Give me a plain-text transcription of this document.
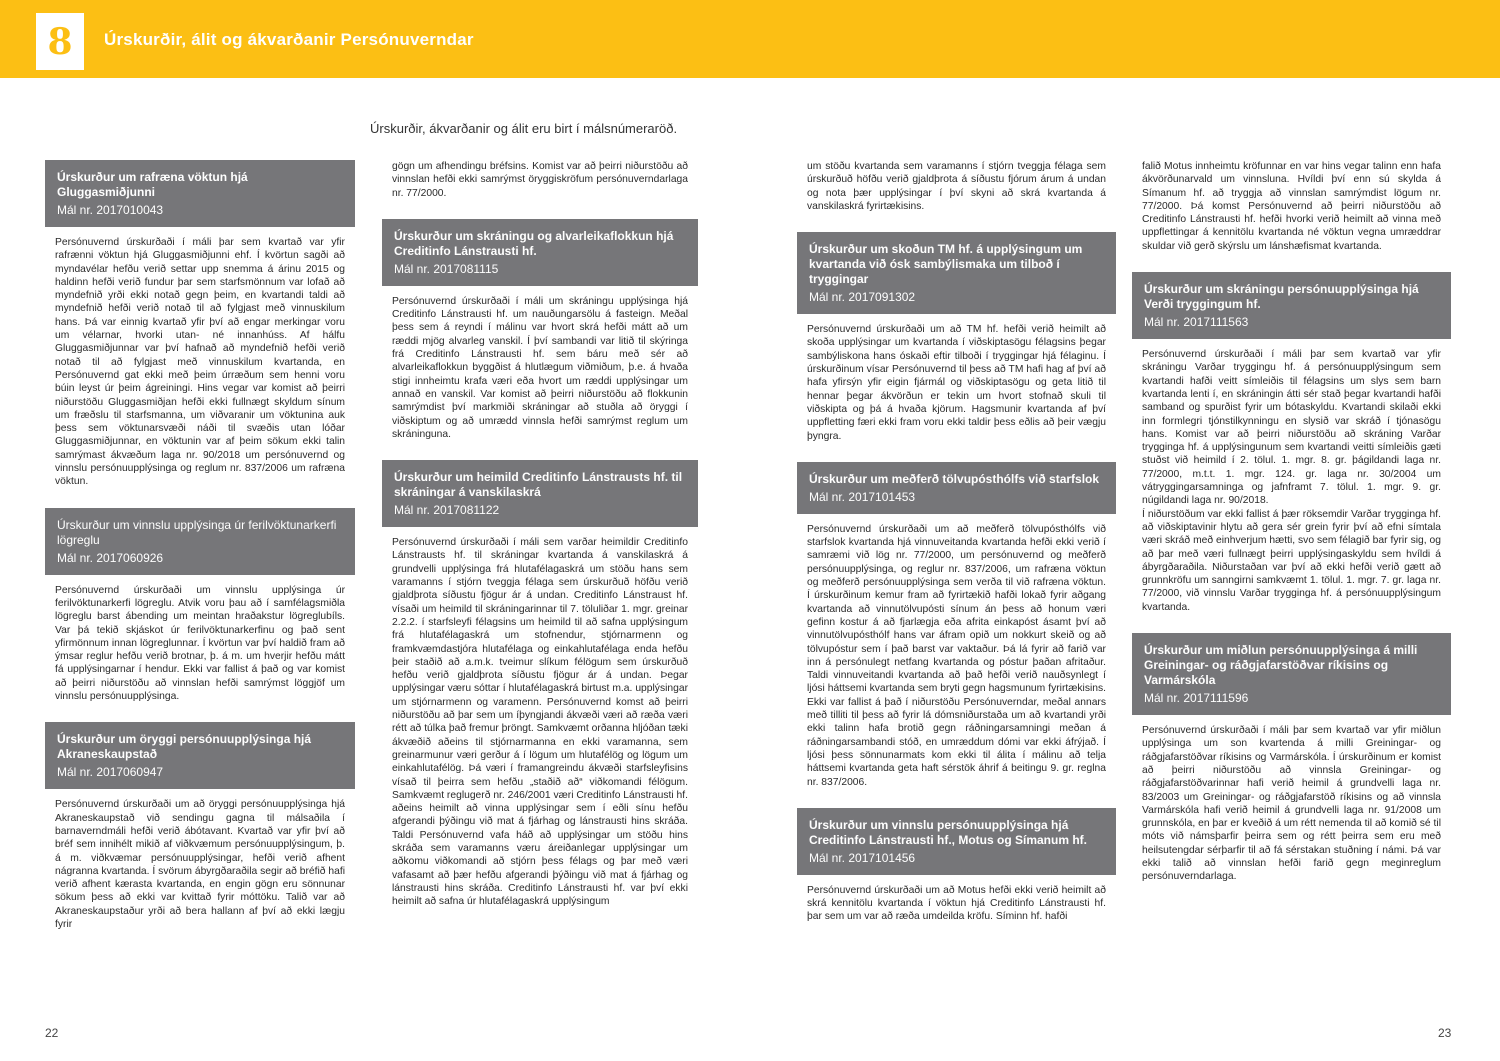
8 Úrskurðir, álit og ákvarðanir Persónuverndar
Úrskurðir, ákvarðanir og álit eru birt í málsnúmeraröð.
Úrskurður um rafræna vöktun hjá Gluggasmiðjunni
Mál nr. 2017010043

Persónuvernd úrskurðaði í máli þar sem kvartað var yfir rafrænni vöktun hjá Gluggasmiðjunni ehf. Í kvörtun sagði að myndavélar hefðu verið settar upp snemma á árinu 2015 og haldinn hefði verið fundur þar sem starfsmönnum var lofað að myndefnið yrði ekki notað gegn þeim, en kvartandi taldi að myndefnið hefði verið notað til að fylgjast með vinnuskilum hans. Þá var einnig kvartað yfir því að engar merkingar voru um vélarnar, hvorki utan- né innanhúss. Af hálfu Gluggasmiðjunnar var því hafnað að myndefnið hefði verið notað til að fylgjast með vinnuskilum kvartanda, en Persónuvernd gat ekki með þeim úrræðum sem henni voru búin leyst úr þeim ágreiningi. Hins vegar var komist að þeirri niðurstöðu Gluggasmiðjan hefði ekki fullnægt skyldum sínum um fræðslu til starfsmanna, um viðvaranir um vöktunina auk þess sem vöktunarsvæði náði til svæðis utan lóðar Gluggasmiðjunnar, en vöktunin var af þeim sökum ekki talin samrýmast ákvæðum laga nr. 90/2018 um persónuvernd og vinnslu persónuupplýsinga og reglum nr. 837/2006 um rafræna vöktun.

Úrskurður um vinnslu upplýsinga úr ferilvöktunarkerfi lögreglu
Mál nr. 2017060926

Persónuvernd úrskurðaði um vinnslu upplýsinga úr ferilvöktunarkerfi lögreglu. Atvik voru þau að í samfélagsmiðla lögreglu barst ábending um meintan hraðakstur lögreglubíls. Var þá tekið skjáskot úr ferilvöktunarkerfinu og það sent yfirmönnum innan lögreglunnar. Í kvörtun var því haldið fram að ýmsar reglur hefðu verið brotnar, þ. á m. um hverjir hefðu mátt fá upplýsingarnar í hendur. Ekki var fallist á það og var komist að þeirri niðurstöðu að vinnslan hefði samrýmst löggjöf um vinnslu persónuupplýsinga.

Úrskurður um öryggi persónuupplýsinga hjá Akraneskaupstað
Mál nr. 2017060947

Persónuvernd úrskurðaði um að öryggi persónuupplýsinga hjá Akraneskaupstað við sendingu gagna til málsaðila í barnaverndmáli hefði verið ábótavant. Kvartað var yfir því að bréf sem innihélt mikið af viðkvæmum persónuupplýsingum, þ. á m. viðkvæmar persónuupplýsingar, hefði verið afhent nágranna kvartanda. Í svörum ábyrgðaraðila segir að bréfið hafi verið afhent kærasta kvartanda, en engin gögn eru sönnunar sökum þess að ekki var kvittað fyrir móttöku. Talið var að Akraneskaupstaður yrði að bera hallann af því að ekki lægju fyrir

gögn um afhendingu bréfsins. Komist var að þeirri niðurstöðu að vinnslan hefði ekki samrýmst öryggiskröfum persónuverndarlaga nr. 77/2000.

Úrskurður um skráningu og alvarleikaflokkun hjá Creditinfo Lánstrausti hf.
Mál nr. 2017081115

Persónuvernd úrskurðaði í máli um skráningu upplýsinga hjá Creditinfo Lánstrausti hf. um nauðungarsölu á fasteign. Meðal þess sem á reyndi í málinu var hvort skrá hefði mátt að um ræddi mjög alvarleg vanskil. Í því sambandi var litið til skýringa frá Creditinfo Lánstrausti hf. sem báru með sér að alvarleikaflokkun byggðist á hlutlægum viðmiðum, þ.e. á hvaða stigi innheimtu krafa væri eða hvort um ræddi upplýsingar um annað en vanskil. Var komist að þeirri niðurstöðu að flokkunin samrýmdist því markmiði skráningar að stuðla að öryggi í viðskiptum og að umrædd vinnsla hefði samrýmst reglum um skráninguna.

Úrskurður um heimild Creditinfo Lánstrausts hf. til skráningar á vanskilaskrá
Mál nr. 2017081122

Persónuvernd úrskurðaði í máli sem varðar heimildir Creditinfo Lánstrausts hf. til skráningar kvartanda á vanskilaskrá á grundvelli upplýsinga frá hlutafélagaskrá um stöðu hans sem varamanns í stjórn tveggja félaga sem úrskurðuð höfðu verið gjaldþrota síðustu fjögur ár á undan. Creditinfo Lánstraust hf. vísaði um heimild til skráningarinnar til 7. töluliðar 1. mgr. greinar 2.2.2. í starfsleyfi félagsins um heimild til að safna upplýsingum frá hlutafélagaskrá um stofnendur, stjórnarmenn og framkvæmdastjóra hlutafélaga og einkahlutafélaga enda hefðu þeir staðið að a.m.k. tveimur slíkum félögum sem úrskurðuð hefðu verið gjaldþrota síðustu fjögur ár á undan. Þegar upplýsingar væru sóttar í hlutafélagaskrá birtust m.a. upplýsingar um stjórnarmenn og varamenn. Persónuvernd komst að þeirri niðurstöðu að þar sem um íþyngjandi ákvæði væri að ræða væri rétt að túlka það fremur þröngt. Samkvæmt orðanna hljóðan tæki ákvæðið aðeins til stjórnarmanna en ekki varamanna, sem greinarmunur væri gerður á í lögum um hlutafélög og lögum um einkahlutafélög. Þá væri í framangreindu ákvæði starfsleyfisins vísað til þeirra sem hefðu „staðið að“ viðkomandi félögum. Samkvæmt reglugerð nr. 246/2001 væri Creditinfo Lánstrausti hf. aðeins heimilt að vinna upplýsingar sem í eðli sínu hefðu afgerandi þýðingu við mat á fjárhag og lánstrausti hins skráða. Taldi Persónuvernd vafa háð að upplýsingar um stöðu hins skráða sem varamanns væru áreiðanlegar upplýsingar um aðkomu viðkomandi að stjórn þess félags og þar með væri vafasamt að þær hefðu afgerandi þýðingu við mat á fjárhag og lánstrausti hins skráða. Creditinfo Lánstrausti hf. var því ekki heimilt að safna úr hlutafélagaskrá upplýsingum

um stöðu kvartanda sem varamanns í stjórn tveggja félaga sem úrskurðuð höfðu verið gjaldþrota á síðustu fjórum árum á undan og nota þær upplýsingar í því skyni að skrá kvartanda á vanskilaskrá fyrirtækisins.

Úrskurður um skoðun TM hf. á upplýsingum um kvartanda við ósk sambýlismaka um tilboð í tryggingar
Mál nr. 2017091302

Persónuvernd úrskurðaði um að TM hf. hefði verið heimilt að skoða upplýsingar um kvartanda í viðskiptasögu félagsins þegar sambýliskona hans óskaði eftir tilboði í tryggingar hjá félaginu. Í úrskurðinum vísar Persónuvernd til þess að TM hafi hag af því að hafa yfirsýn yfir eigin fjármál og viðskiptasögu og geta litið til hennar þegar ákvörðun er tekin um hvort stofnað skuli til viðskipta og þá á hvaða kjörum. Hagsmunir kvartanda af því uppfletting færi ekki fram voru ekki taldir þess eðlis að þeir vægju þyngra.

Úrskurður um meðferð tölvupósthólfs við starfslok
Mál nr. 2017101453

Persónuvernd úrskurðaði um að meðferð tölvupósthólfs við starfslok kvartanda hjá vinnuveitanda kvartanda hefði ekki verið í samræmi við lög nr. 77/2000, um persónuvernd og meðferð persónuupplýsinga, og reglur nr. 837/2006, um rafræna vöktun og meðferð persónuupplýsinga sem verða til við rafræna vöktun. Í úrskurðinum kemur fram að fyrirtækið hafði lokað fyrir aðgang kvartanda að vinnutölvupósti sínum án þess að honum væri gefinn kostur á að fjarlægja eða afrita einkapóst ásamt því að vinnutölvupósthólf hans var áfram opið um nokkurt skeið og að tölvupóstur sem í það barst var vaktaður. Þá lá fyrir að farið var inn á persónulegt netfang kvartanda og póstur þaðan afritaður. Taldi vinnuveitandi kvartanda að það hefði verið nauðsynlegt í ljósi háttsemi kvartanda sem bryti gegn hagsmunum fyrirtækisins. Ekki var fallist á það í niðurstöðu Persónuverndar, meðal annars með tilliti til þess að fyrir lá dómsniðurstaða um að kvartandi yrði ekki talinn hafa brotið gegn ráðningarsamningi meðan á ráðningarsambandi stóð, en umræddum dómi var ekki áfrýjað. Í ljósi þess sönnunarmats kom ekki til álita í málinu að telja háttsemi kvartanda geta haft sérstök áhrif á beitingu 9. gr. reglna nr. 837/2006.

Úrskurður um vinnslu persónuupplýsinga hjá Creditinfo Lánstrausti hf., Motus og Símanum hf.
Mál nr. 2017101456

Persónuvernd úrskurðaði um að Motus hefði ekki verið heimilt að skrá kennitölu kvartanda í vöktun hjá Creditinfo Lánstrausti hf. þar sem um var að ræða umdeilda kröfu. Síminn hf. hafði

falið Motus innheimtu kröfunnar en var hins vegar talinn enn hafa ákvörðunarvald um vinnsluna. Hvíldi því enn sú skylda á Símanum hf. að tryggja að vinnslan samrýmdist lögum nr. 77/2000. Þá komst Persónuvernd að þeirri niðurstöðu að Creditinfo Lánstrausti hf. hefði hvorki verið heimilt að vinna með uppflettingar á kennitölu kvartanda né vöktun vegna umræddrar skuldar við gerð skýrslu um lánshæfismat kvartanda.

Úrskurður um skráningu persónuupplýsinga hjá Verði tryggingum hf.
Mál nr. 2017111563

Persónuvernd úrskurðaði í máli þar sem kvartað var yfir skráningu Varðar tryggingu hf. á persónuupplýsingum sem kvartandi hafði veitt símleiðis til félagsins um slys sem barn kvartanda lenti í, en skráningin átti sér stað þegar kvartandi hafði samband og spurðist fyrir um bótaskyldu. Kvartandi skilaði ekki inn formlegri tjónstilkynningu en slysið var skráð í tjónasögu hans. Komist var að þeirri niðurstöðu að skráning Varðar trygginga hf. á upplýsingunum sem kvartandi veitti símleiðis gæti stuðst við heimild í 2. tölul. 1. mgr. 8. gr. þágildandi laga nr. 77/2000, m.t.t. 1. mgr. 124. gr. laga nr. 30/2004 um vátryggingarsamninga og jafnframt 7. tölul. 1. mgr. 9. gr. núgildandi laga nr. 90/2018.
Í niðurstöðum var ekki fallist á þær röksemdir Varðar trygginga hf. að viðskiptavinir hlytu að gera sér grein fyrir því að efni símtala væri skráð með einhverjum hætti, svo sem félagið bar fyrir sig, og að þar með væri fullnægt þeirri upplýsingaskyldu sem hvíldi á ábyrgðaraðila. Niðurstaðan var því að ekki hefði verið gætt að grunnkröfu um sanngirni samkvæmt 1. tölul. 1. mgr. 7. gr. laga nr. 77/2000, við vinnslu Varðar trygginga hf. á persónuupplýsingum kvartanda.

Úrskurður um miðlun persónuupplýsinga á milli Greiningar- og ráðgjafarstöðvar ríkisins og Varmárskóla
Mál nr. 2017111596

Persónuvernd úrskurðaði í máli þar sem kvartað var yfir miðlun upplýsinga um son kvartenda á milli Greiningar- og ráðgjafarstöðvar ríkisins og Varmárskóla. Í úrskurðinum er komist að þeirri niðurstöðu að vinnsla Greiningar- og ráðgjafarstöðvarinnar hafi verið heimil á grundvelli laga nr. 83/2003 um Greiningar- og ráðgjafarstöð ríkisins og að vinnsla Varmárskóla hafi verið heimil á grundvelli laga nr. 91/2008 um grunnskóla, en þar er kveðið á um rétt nemenda til að komið sé til móts við námsþarfir þeirra sem og rétt þeirra sem eru með heilsutengdar sérþarfir til að fá sérstakan stuðning í námi. Þá var ekki talið að vinnslan hefði farið gegn meginreglum persónuverndarlaga.

22	23
